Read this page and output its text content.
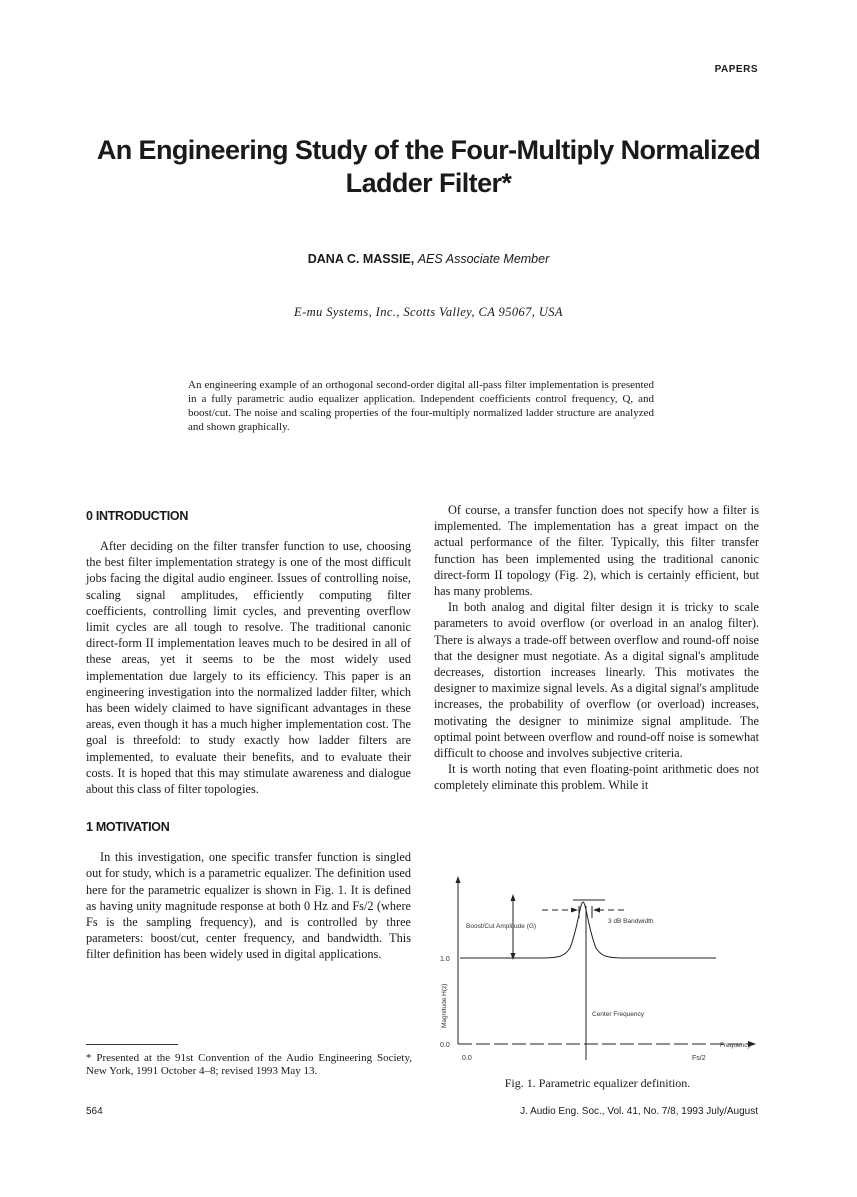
PAPERS
An Engineering Study of the Four-Multiply Normalized
Ladder Filter*
DANA C. MASSIE, AES Associate Member
E-mu Systems, Inc., Scotts Valley, CA 95067, USA
An engineering example of an orthogonal second-order digital all-pass filter implementation is presented in a fully parametric audio equalizer application. Independent coefficients control frequency, Q, and boost/cut. The noise and scaling properties of the four-multiply normalized ladder structure are analyzed and shown graphically.
0 INTRODUCTION

After deciding on the filter transfer function to use, choosing the best filter implementation strategy is one of the most difficult jobs facing the digital audio engineer. Issues of controlling noise, scaling signal amplitudes, efficiently computing filter coefficients, controlling limit cycles, and preventing overflow limit cycles are all tough to resolve. The traditional canonic direct-form II implementation leaves much to be desired in all of these areas, yet it seems to be the most widely used implementation due largely to its efficiency. This paper is an engineering investigation into the normalized ladder filter, which has been widely claimed to have significant advantages in these areas, even though it has a much higher implementation cost. The goal is threefold: to study exactly how ladder filters are implemented, to evaluate their benefits, and to evaluate their costs. It is hoped that this may stimulate awareness and dialogue about this class of filter topologies.

1 MOTIVATION

In this investigation, one specific transfer function is singled out for study, which is a parametric equalizer. The definition used here for the parametric equalizer is shown in Fig. 1. It is defined as having unity magnitude response at both 0 Hz and Fs/2 (where Fs is the sampling frequency), and is controlled by three parameters: boost/cut, center frequency, and bandwidth. This filter definition has been widely used in digital applications.

Of course, a transfer function does not specify how a filter is implemented. The implementation has a great impact on the actual performance of the filter. Typically, this filter transfer function has been implemented using the traditional canonic direct-form II topology (Fig. 2), which is certainly efficient, but has many problems.

In both analog and digital filter design it is tricky to scale parameters to avoid overflow (or overload in an analog filter). There is always a trade-off between overflow and round-off noise that the designer must negotiate. As a digital signal's amplitude decreases, distortion increases linearly. This motivates the designer to maximize signal levels. As a digital signal's amplitude increases, the probability of overflow (or overload) increases, motivating the designer to minimize signal amplitude. The optimal point between overflow and round-off noise is somewhat difficult to choose and involves subjective criteria.

It is worth noting that even floating-point arithmetic does not completely eliminate this problem. While it

* Presented at the 91st Convention of the Audio Engineering Society, New York, 1991 October 4–8; revised 1993 May 13.
564	J. Audio Eng. Soc., Vol. 41, No. 7/8, 1993 July/August
Boost/Cut Amplitude (G)
3 dB Bandwidth
Center Frequency
Frequency
Magnitude H(z)
1.0
0.0
0.0	Fs/2
Fig. 1. Parametric equalizer definition.
